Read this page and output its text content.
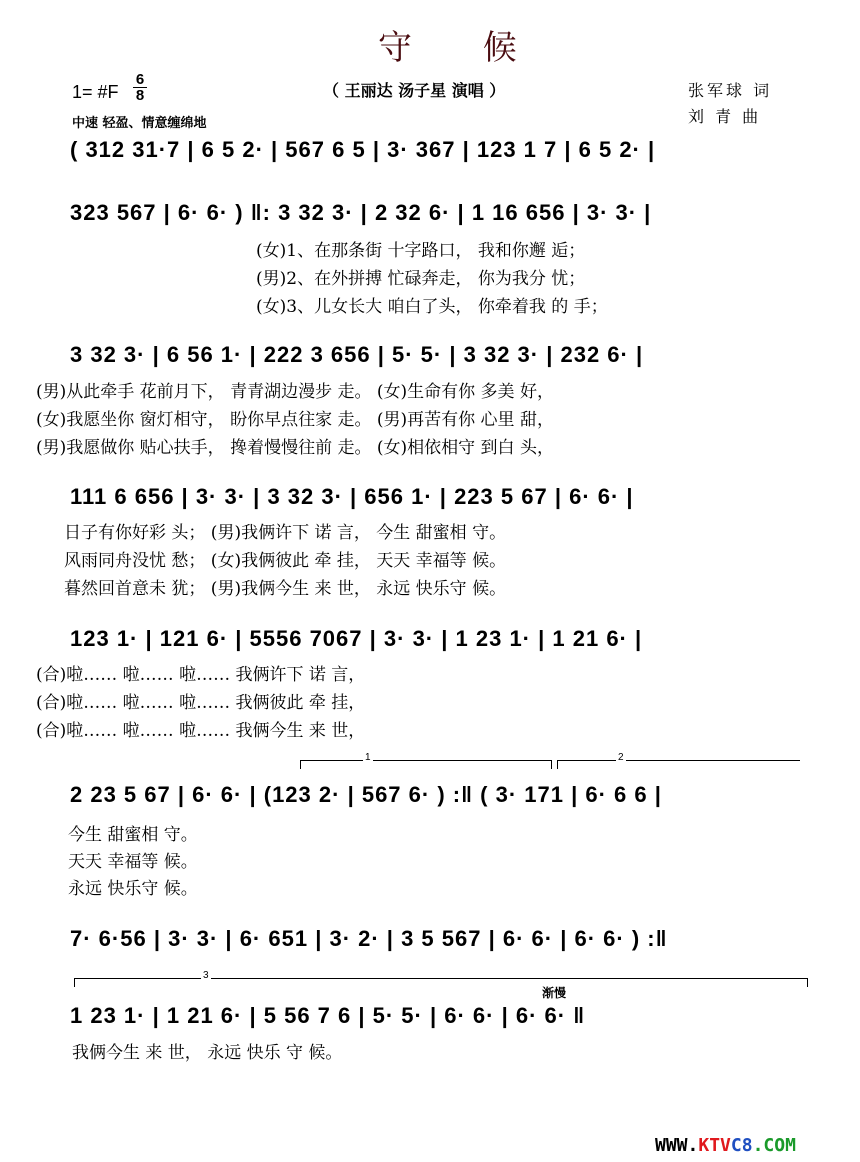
守 候
1= #F
6
8
中速 轻盈、情意缠绵地
（ 王丽达 汤子星 演唱 ）	张军球 词
刘 青 曲
( 312 31·7 | 6 5 2· | 567 6 5 | 3· 367 | 123 1 7 | 6 5 2· |
323 567 | 6· 6· ) ‖: 3 32 3· | 2 32 6· | 1 16 656 | 3· 3· |
(女)1、在那条街 十字路口， 我和你邂 逅；
(男)2、在外拼搏 忙碌奔走， 你为我分 忧；
(女)3、儿女长大 咱白了头， 你牵着我 的 手；
3 32 3· | 6 56 1· | 222 3 656 | 5· 5· | 3 32 3· | 232 6· |
(男)从此牵手 花前月下， 青青湖边漫步 走。 (女)生命有你 多美 好，
(女)我愿坐你 窗灯相守， 盼你早点往家 走。 (男)再苦有你 心里 甜，
(男)我愿做你 贴心扶手， 搀着慢慢往前 走。 (女)相依相守 到白 头，
111 6 656 | 3· 3· | 3 32 3· | 656 1· | 223 5 67 | 6· 6· |
日子有你好彩 头； (男)我俩许下 诺 言， 今生 甜蜜相 守。
风雨同舟没忧 愁； (女)我俩彼此 牵 挂， 天天 幸福等 候。
暮然回首意未 犹； (男)我俩今生 来 世， 永远 快乐守 候。
123 1· | 121 6· | 5556 7067 | 3· 3· | 1 23 1· | 1 21 6· |
(合)啦…… 啦…… 啦…… 我俩许下 诺 言，
(合)啦…… 啦…… 啦…… 我俩彼此 牵 挂，
(合)啦…… 啦…… 啦…… 我俩今生 来 世，
1	2
2 23 5 67 | 6· 6· | (123 2· | 567 6· ) :‖ ( 3· 171 | 6· 6 6 |
今生 甜蜜相 守。
天天 幸福等 候。
永远 快乐守 候。
7· 6·56 | 3· 3· | 6· 651 | 3· 2· | 3 5 567 | 6· 6· | 6· 6· ) :‖
3
渐慢
1 23 1· | 1 21 6· | 5 56 7 6 | 5· 5· | 6· 6· | 6· 6· ‖
我俩今生 来 世， 永远 快乐 守 候。
WWW.KTVC8.COM
